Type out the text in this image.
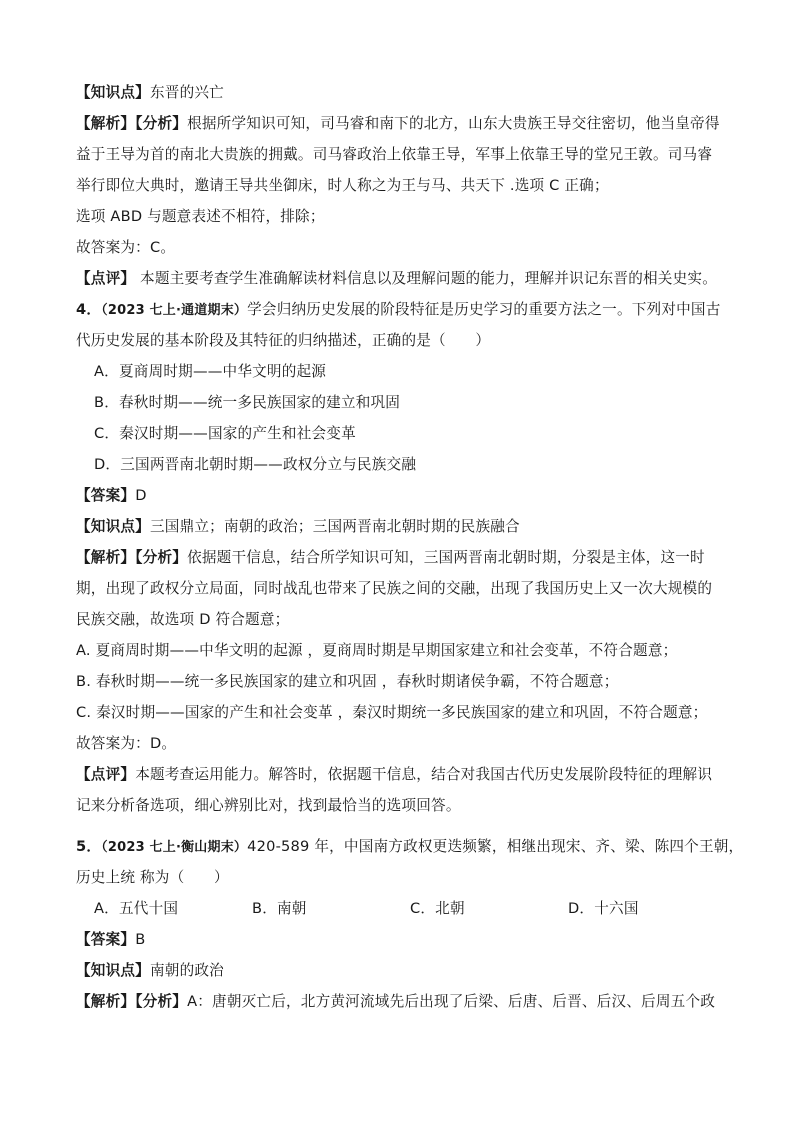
【知识点】东晋的兴亡
【解析】【分析】根据所学知识可知，司马睿和南下的北方，山东大贵族王导交往密切，他当皇帝得
益于王导为首的南北大贵族的拥戴。司马睿政治上依靠王导，军事上依靠王导的堂兄王敦。司马睿
举行即位大典时，邀请王导共坐御床，时人称之为王与马、共天下 .选项 C 正确；
选项 ABD 与题意表述不相符，排除；
故答案为：C。
【点评】 本题主要考查学生准确解读材料信息以及理解问题的能力，理解并识记东晋的相关史实。
4．（2023 七上·通道期末）学会归纳历史发展的阶段特征是历史学习的重要方法之一。下列对中国古
代历史发展的基本阶段及其特征的归纳描述，正确的是（　　）
A．夏商周时期——中华文明的起源
B．春秋时期——统一多民族国家的建立和巩固
C．秦汉时期——国家的产生和社会变革
D．三国两晋南北朝时期——政权分立与民族交融
【答案】D
【知识点】三国鼎立；南朝的政治；三国两晋南北朝时期的民族融合
【解析】【分析】依据题干信息，结合所学知识可知，三国两晋南北朝时期，分裂是主体，这一时
期，出现了政权分立局面，同时战乱也带来了民族之间的交融，出现了我国历史上又一次大规模的
民族交融，故选项 D 符合题意；
A. 夏商周时期——中华文明的起源 ，夏商周时期是早期国家建立和社会变革，不符合题意；
B. 春秋时期——统一多民族国家的建立和巩固 ，春秋时期诸侯争霸，不符合题意；
C. 秦汉时期——国家的产生和社会变革 ，秦汉时期统一多民族国家的建立和巩固，不符合题意；
故答案为：D。
【点评】本题考查运用能力。解答时，依据题干信息，结合对我国古代历史发展阶段特征的理解识
记来分析备选项，细心辨别比对，找到最恰当的选项回答。
5．（2023 七上·衡山期末）420-589 年，中国南方政权更迭频繁，相继出现宋、齐、梁、陈四个王朝，
历史上统 称为（　　）
A．五代十国	B．南朝	C．北朝	D．十六国
【答案】B
【知识点】南朝的政治
【解析】【分析】A：唐朝灭亡后，北方黄河流域先后出现了后梁、后唐、后晋、后汉、后周五个政
